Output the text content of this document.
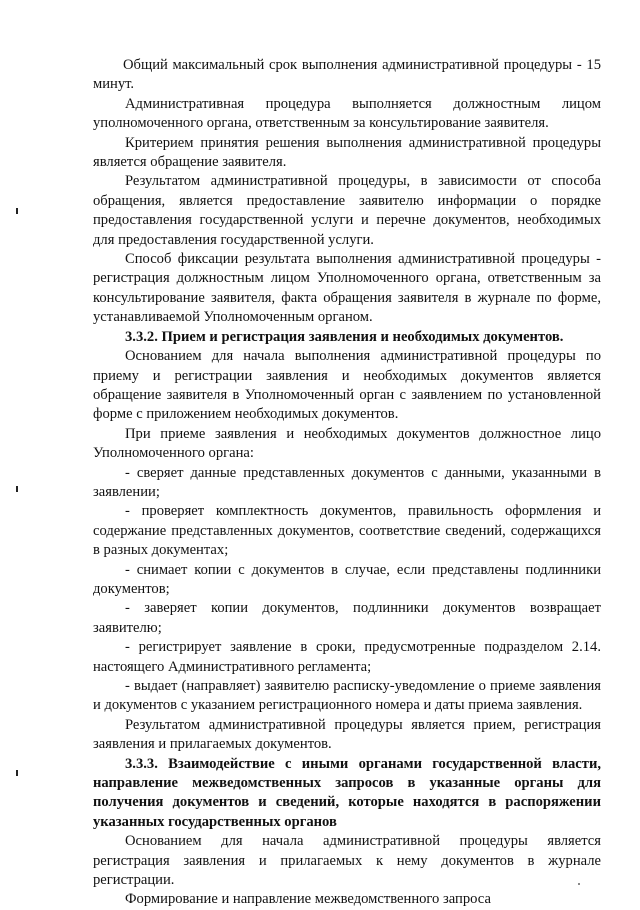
Общий максимальный срок выполнения административной процедуры - 15 минут.

Административная процедура выполняется должностным лицом уполномоченного органа, ответственным за консультирование заявителя.

Критерием принятия решения выполнения административной процедуры является обращение заявителя.

Результатом административной процедуры, в зависимости от способа обращения, является предоставление заявителю информации о порядке предоставления государственной услуги и перечне документов, необходимых для предоставления государственной услуги.

Способ фиксации результата выполнения административной процедуры - регистрация должностным лицом Уполномоченного органа, ответственным за консультирование заявителя, факта обращения заявителя в журнале по форме, устанавливаемой Уполномоченным органом.

3.3.2. Прием и регистрация заявления и необходимых документов.

Основанием для начала выполнения административной процедуры по приему и регистрации заявления и необходимых документов является обращение заявителя в Уполномоченный орган с заявлением по установленной форме с приложением необходимых документов.

При приеме заявления и необходимых документов должностное лицо Уполномоченного органа:

- сверяет данные представленных документов с данными, указанными в заявлении;

- проверяет комплектность документов, правильность оформления и содержание представленных документов, соответствие сведений, содержащихся в разных документах;

- снимает копии с документов в случае, если представлены подлинники документов;

- заверяет копии документов, подлинники документов возвращает заявителю;

- регистрирует заявление в сроки, предусмотренные подразделом 2.14. настоящего Административного регламента;

- выдает (направляет) заявителю расписку-уведомление о приеме заявления и документов с указанием регистрационного номера и даты приема заявления.

Результатом административной процедуры является прием, регистрация заявления и прилагаемых документов.

3.3.3. Взаимодействие с иными органами государственной власти, направление межведомственных запросов в указанные органы для получения документов и сведений, которые находятся в распоряжении указанных государственных органов

Основанием для начала административной процедуры является регистрация заявления и прилагаемых к нему документов в журнале регистрации.

Формирование и направление межведомственного запроса
